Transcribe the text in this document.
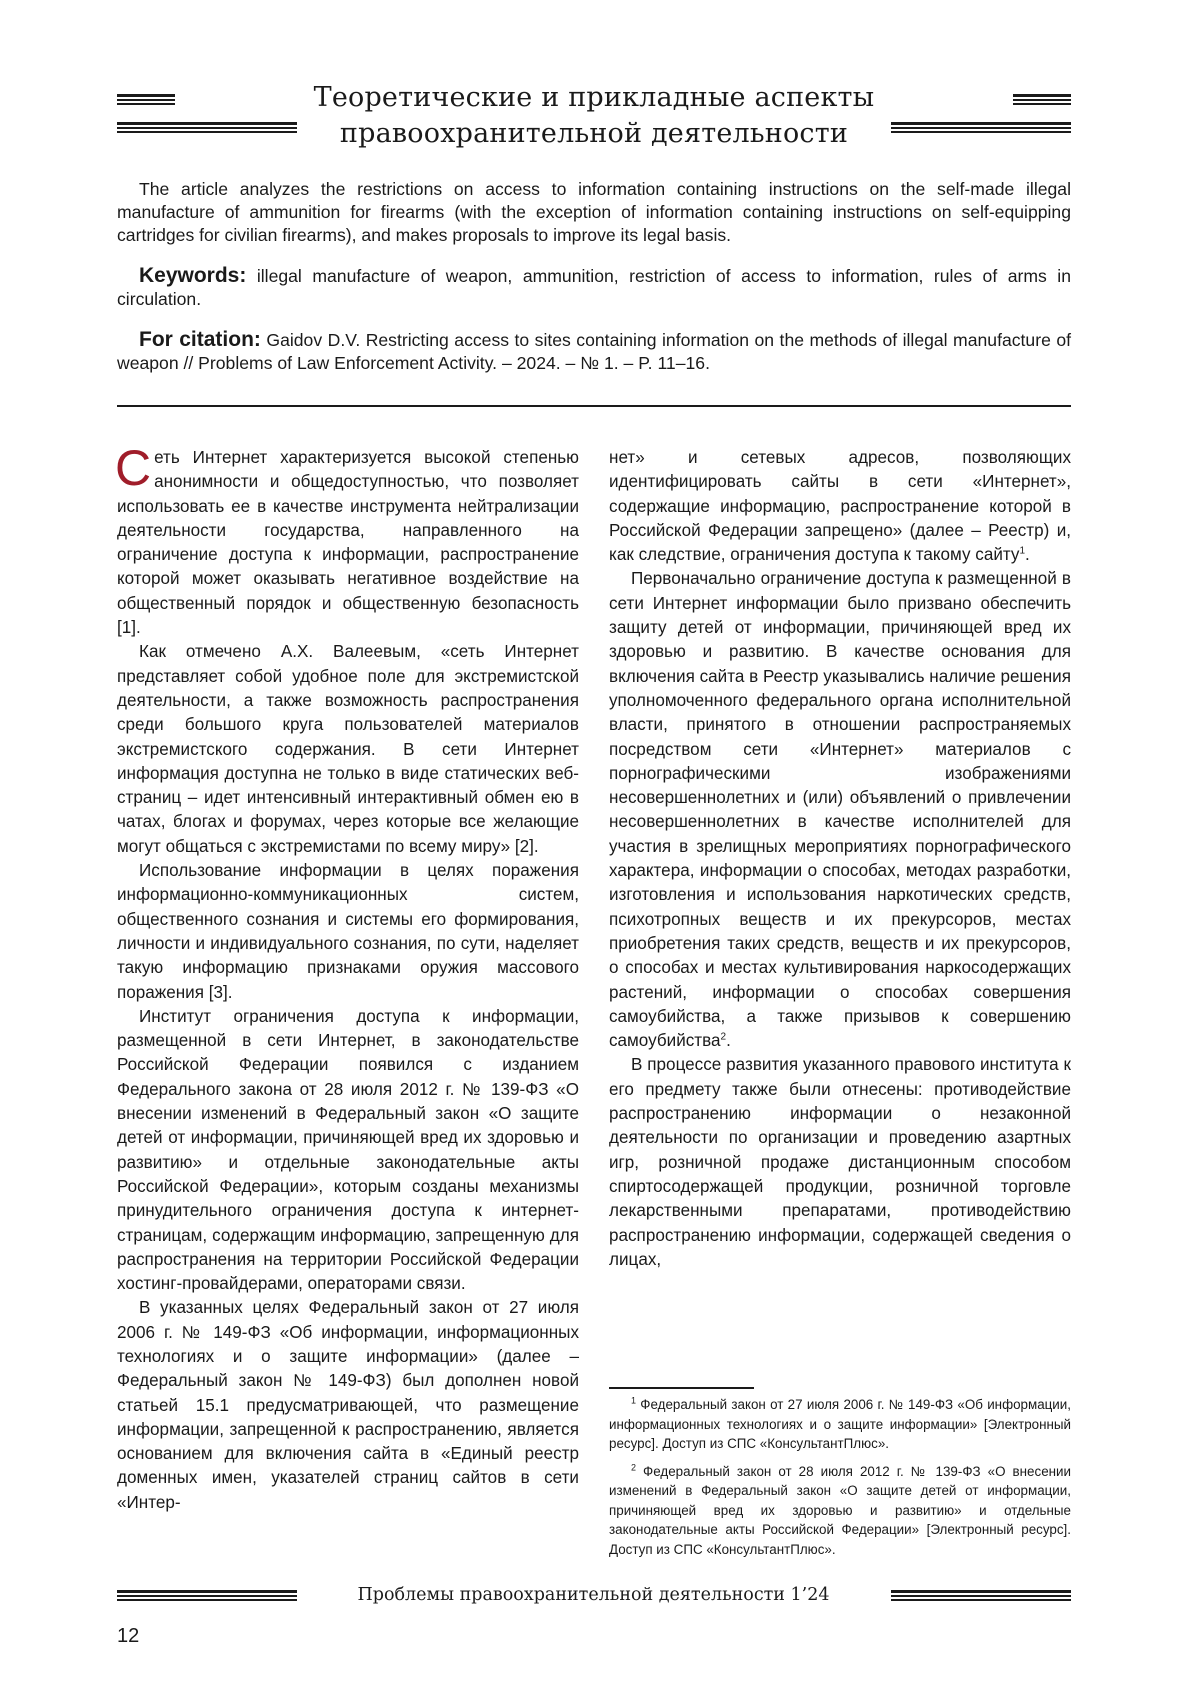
Теоретические и прикладные аспекты
правоохранительной деятельности

The article analyzes the restrictions on access to information containing instructions on the self-made illegal manufacture of ammunition for firearms (with the exception of information containing instructions on self-equipping cartridges for civilian firearms), and makes proposals to improve its legal basis.

Keywords: illegal manufacture of weapon, ammunition, restriction of access to information, rules of arms in circulation.

For citation: Gaidov D.V. Restricting access to sites containing information on the methods of illegal manufacture of weapon // Problems of Law Enforcement Activity. – 2024. – № 1. – P. 11–16.

Сеть Интернет характеризуется высокой степенью анонимности и общедоступностью, что позволяет использовать ее в качестве инструмента нейтрализации деятельности государства, направленного на ограничение доступа к информации, распространение которой может оказывать негативное воздействие на общественный порядок и общественную безопасность [1].

Как отмечено А.Х. Валеевым, «сеть Интернет представляет собой удобное поле для экстремистской деятельности, а также возможность распространения среди большого круга пользователей материалов экстремистского содержания. В сети Интернет информация доступна не только в виде статических веб-страниц – идет интенсивный интерактивный обмен ею в чатах, блогах и форумах, через которые все желающие могут общаться с экстремистами по всему миру» [2].

Использование информации в целях поражения информационно-коммуникационных систем, общественного сознания и системы его формирования, личности и индивидуального сознания, по сути, наделяет такую информацию признаками оружия массового поражения [3].

Институт ограничения доступа к информации, размещенной в сети Интернет, в законодательстве Российской Федерации появился с изданием Федерального закона от 28 июля 2012 г. № 139-ФЗ «О внесении изменений в Федеральный закон «О защите детей от информации, причиняющей вред их здоровью и развитию» и отдельные законодательные акты Российской Федерации», которым созданы механизмы принудительного ограничения доступа к интернет-страницам, содержащим информацию, запрещенную для распространения на территории Российской Федерации хостинг-провайдерами, операторами связи.

В указанных целях Федеральный закон от 27 июля 2006 г. № 149-ФЗ «Об информации, информационных технологиях и о защите информации» (далее – Федеральный закон № 149-ФЗ) был дополнен новой статьей 15.1 предусматривающей, что размещение информации, запрещенной к распространению, является основанием для включения сайта в «Единый реестр доменных имен, указателей страниц сайтов в сети «Интер-

нет» и сетевых адресов, позволяющих идентифицировать сайты в сети «Интернет», содержащие информацию, распространение которой в Российской Федерации запрещено» (далее – Реестр) и, как следствие, ограничения доступа к такому сайту$^1$.

Первоначально ограничение доступа к размещенной в сети Интернет информации было призвано обеспечить защиту детей от информации, причиняющей вред их здоровью и развитию. В качестве основания для включения сайта в Реестр указывались наличие решения уполномоченного федерального органа исполнительной власти, принятого в отношении распространяемых посредством сети «Интернет» материалов с порнографическими изображениями несовершеннолетних и (или) объявлений о привлечении несовершеннолетних в качестве исполнителей для участия в зрелищных мероприятиях порнографического характера, информации о способах, методах разработки, изготовления и использования наркотических средств, психотропных веществ и их прекурсоров, местах приобретения таких средств, веществ и их прекурсоров, о способах и местах культивирования наркосодержащих растений, информации о способах совершения самоубийства, а также призывов к совершению самоубийства$^2$.

В процессе развития указанного правового института к его предмету также были отнесены: противодействие распространению информации о незаконной деятельности по организации и проведению азартных игр, розничной продаже дистанционным способом спиртосодержащей продукции, розничной торговле лекарственными препаратами, противодействию распространению информации, содержащей сведения о лицах,

$^1$ Федеральный закон от 27 июля 2006 г. № 149-ФЗ «Об информации, информационных технологиях и о защите информации» [Электронный ресурс]. Доступ из СПС «КонсультантПлюс».

$^2$ Федеральный закон от 28 июля 2012 г. № 139-ФЗ «О внесении изменений в Федеральный закон «О защите детей от информации, причиняющей вред их здоровью и развитию» и отдельные законодательные акты Российской Федерации» [Электронный ресурс]. Доступ из СПС «КонсультантПлюс».

Проблемы правоохранительной деятельности 1’24
12
